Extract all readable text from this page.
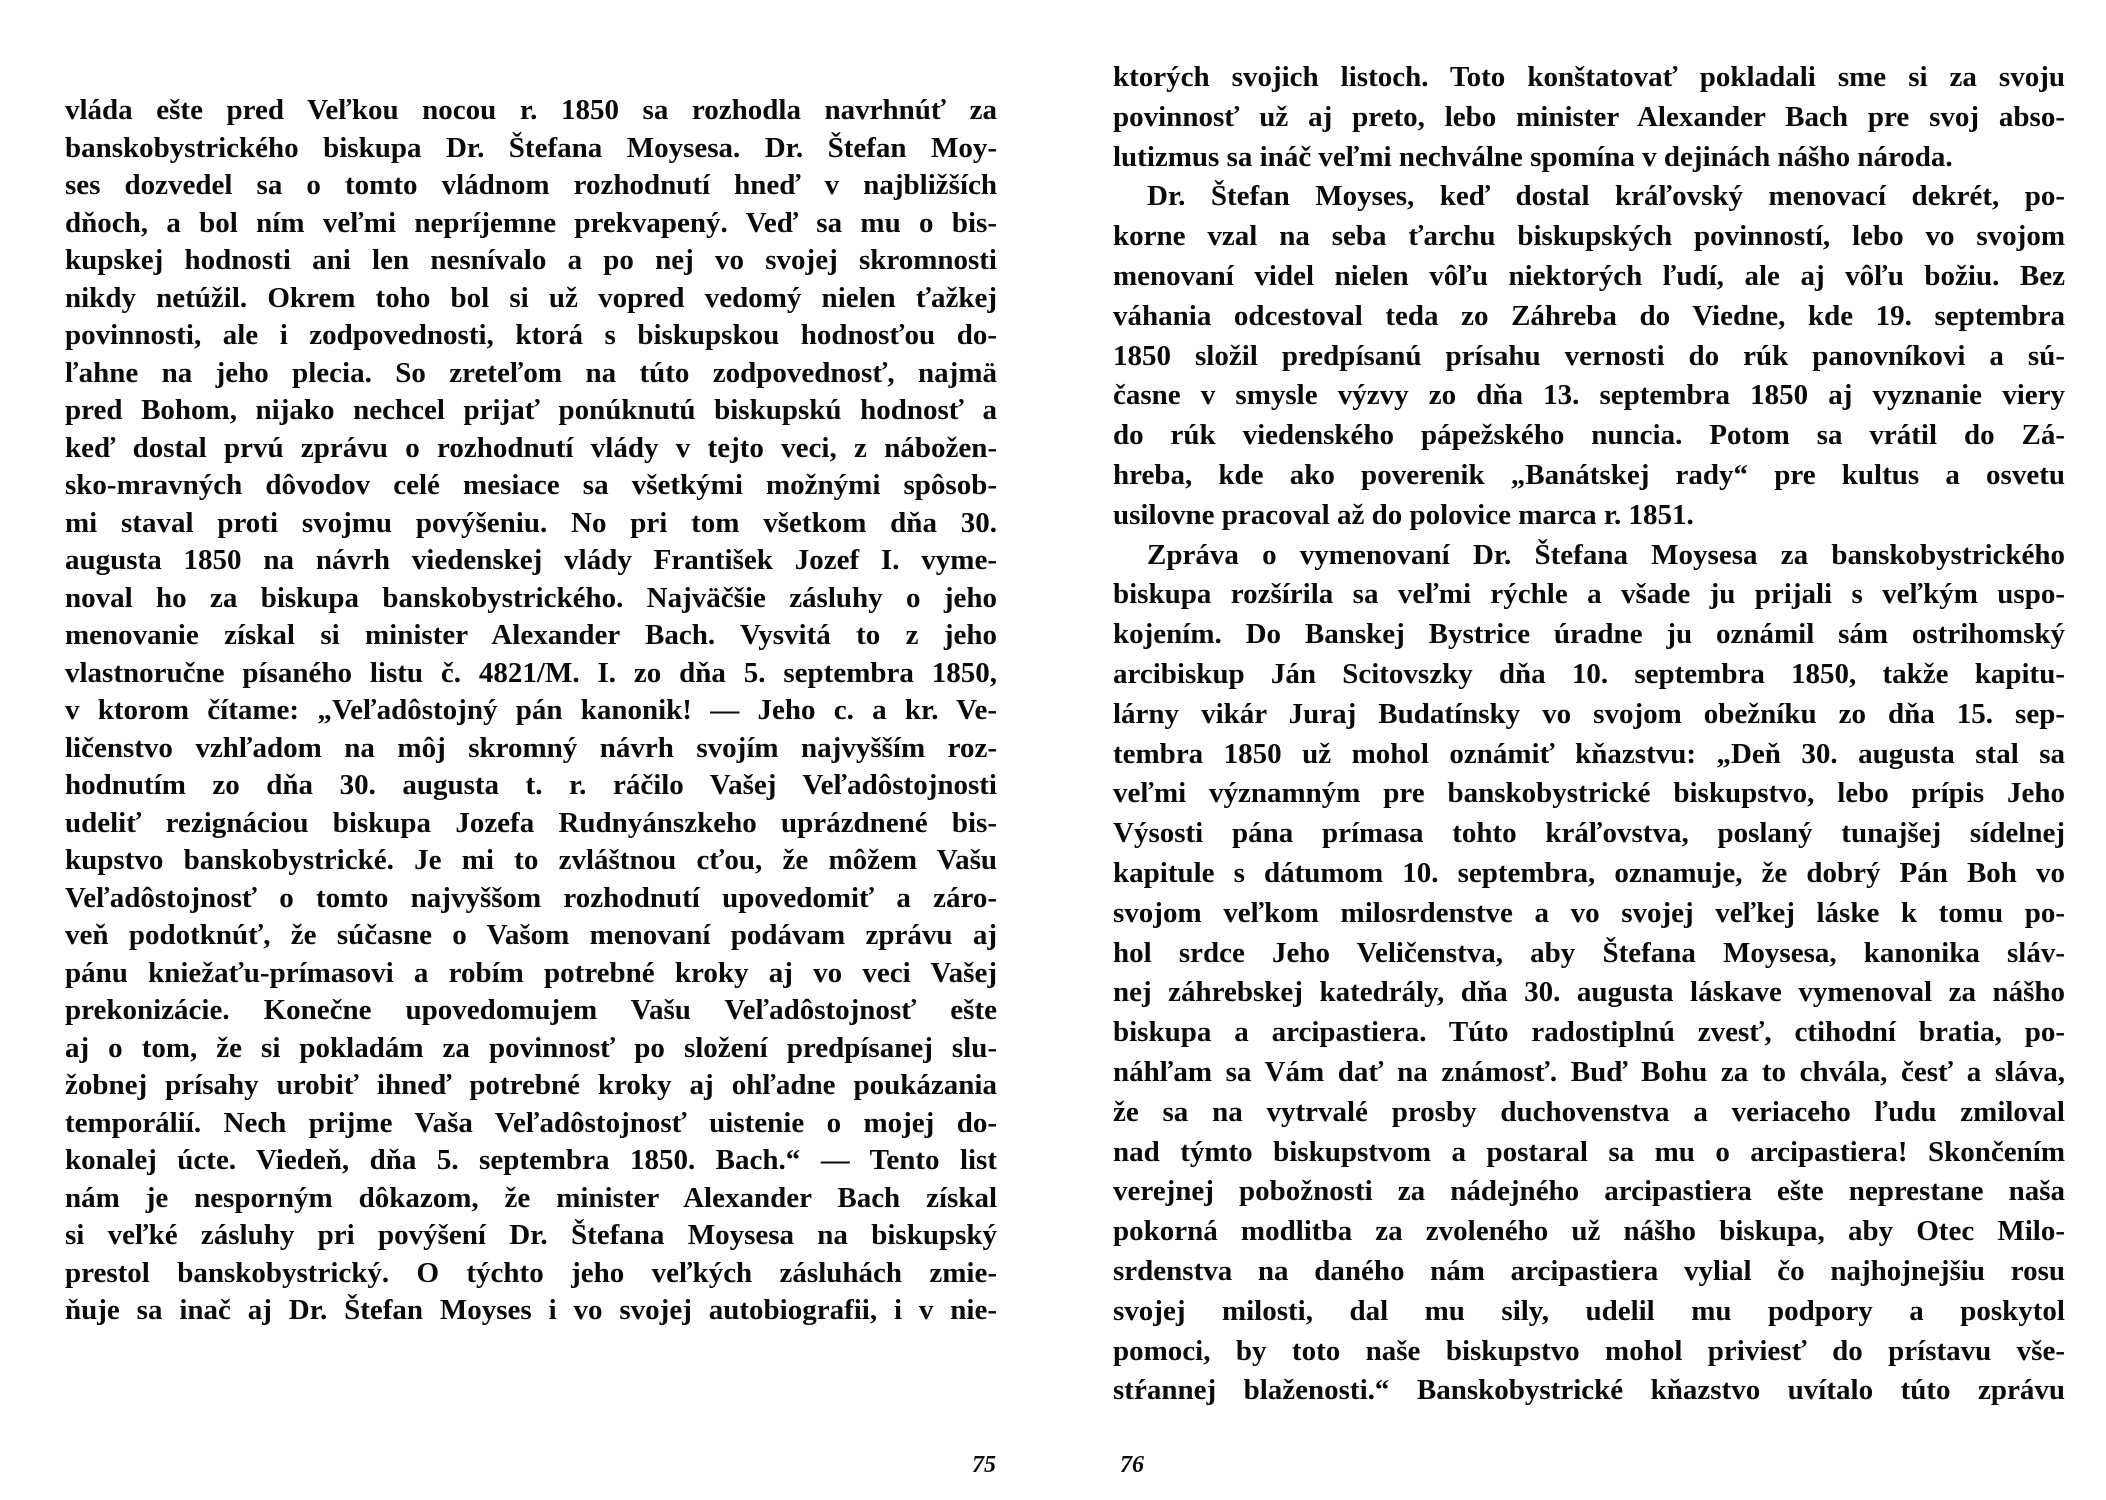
vláda ešte pred Veľkou nocou r. 1850 sa rozhodla navrhnúť za
banskobystrického biskupa Dr. Štefana Moysesa. Dr. Štefan Moy-
ses dozvedel sa o tomto vládnom rozhodnutí hneď v najbližších
dňoch, a bol ním veľmi nepríjemne prekvapený. Veď sa mu o bis-
kupskej hodnosti ani len nesnívalo a po nej vo svojej skromnosti
nikdy netúžil. Okrem toho bol si už vopred vedomý nielen ťažkej
povinnosti, ale i zodpovednosti, ktorá s biskupskou hodnosťou do-
ľahne na jeho plecia. So zreteľom na túto zodpovednosť, najmä
pred Bohom, nijako nechcel prijať ponúknutú biskupskú hodnosť a
keď dostal prvú zprávu o rozhodnutí vlády v tejto veci, z nábožen-
sko-mravných dôvodov celé mesiace sa všetkými možnými spôsob-
mi staval proti svojmu povýšeniu. No pri tom všetkom dňa 30.
augusta 1850 na návrh viedenskej vlády František Jozef I. vyme-
noval ho za biskupa banskobystrického. Najväčšie zásluhy o jeho
menovanie získal si minister Alexander Bach. Vysvitá to z jeho
vlastnoručne písaného listu č. 4821/M. I. zo dňa 5. septembra 1850,
v ktorom čítame: „Veľadôstojný pán kanonik! — Jeho c. a kr. Ve-
ličenstvo vzhľadom na môj skromný návrh svojím najvyšším roz-
hodnutím zo dňa 30. augusta t. r. ráčilo Vašej Veľadôstojnosti
udeliť rezignáciou biskupa Jozefa Rudnyánszkeho uprázdnené bis-
kupstvo banskobystrické. Je mi to zvláštnou cťou, že môžem Vašu
Veľadôstojnosť o tomto najvyššom rozhodnutí upovedomiť a záro-
veň podotknúť, že súčasne o Vašom menovaní podávam zprávu aj
pánu kniežaťu-prímasovi a robím potrebné kroky aj vo veci Vašej
prekonizácie. Konečne upovedomujem Vašu Veľadôstojnosť ešte
aj o tom, že si pokladám za povinnosť po složení predpísanej slu-
žobnej prísahy urobiť ihneď potrebné kroky aj ohľadne poukázania
temporálií. Nech prijme Vaša Veľadôstojnosť uistenie o mojej do-
konalej úcte. Viedeň, dňa 5. septembra 1850. Bach.“ — Tento list
nám je nesporným dôkazom, že minister Alexander Bach získal
si veľké zásluhy pri povýšení Dr. Štefana Moysesa na biskupský
prestol banskobystrický. O týchto jeho veľkých zásluhách zmie-
ňuje sa inač aj Dr. Štefan Moyses i vo svojej autobiografii, i v nie-
ktorých svojich listoch. Toto konštatovať pokladali sme si za svoju
povinnosť už aj preto, lebo minister Alexander Bach pre svoj abso-
lutizmus sa ináč veľmi nechválne spomína v dejinách nášho národa.
Dr. Štefan Moyses, keď dostal kráľovský menovací dekrét, po-
korne vzal na seba ťarchu biskupských povinností, lebo vo svojom
menovaní videl nielen vôľu niektorých ľudí, ale aj vôľu božiu. Bez
váhania odcestoval teda zo Záhreba do Viedne, kde 19. septembra
1850 složil predpísanú prísahu vernosti do rúk panovníkovi a sú-
časne v smysle výzvy zo dňa 13. septembra 1850 aj vyznanie viery
do rúk viedenského pápežského nuncia. Potom sa vrátil do Zá-
hreba, kde ako poverenik „Banátskej rady“ pre kultus a osvetu
usilovne pracoval až do polovice marca r. 1851.
Zpráva o vymenovaní Dr. Štefana Moysesa za banskobystrického
biskupa rozšírila sa veľmi rýchle a všade ju prijali s veľkým uspo-
kojením. Do Banskej Bystrice úradne ju oznámil sám ostrihomský
arcibiskup Ján Scitovszky dňa 10. septembra 1850, takže kapitu-
lárny vikár Juraj Budatínsky vo svojom obežníku zo dňa 15. sep-
tembra 1850 už mohol oznámiť kňazstvu: „Deň 30. augusta stal sa
veľmi významným pre banskobystrické biskupstvo, lebo prípis Jeho
Výsosti pána prímasa tohto kráľovstva, poslaný tunajšej sídelnej
kapitule s dátumom 10. septembra, oznamuje, že dobrý Pán Boh vo
svojom veľkom milosrdenstve a vo svojej veľkej láske k tomu po-
hol srdce Jeho Veličenstva, aby Štefana Moysesa, kanonika sláv-
nej záhrebskej katedrály, dňa 30. augusta láskave vymenoval za nášho
biskupa a arcipastiera. Túto radostiplnú zvesť, ctihodní bratia, po-
náhľam sa Vám dať na známosť. Buď Bohu za to chvála, česť a sláva,
že sa na vytrvalé prosby duchovenstva a veriaceho ľudu zmiloval
nad týmto biskupstvom a postaral sa mu o arcipastiera! Skončením
verejnej pobožnosti za nádejného arcipastiera ešte neprestane naša
pokorná modlitba za zvoleného už nášho biskupa, aby Otec Milo-
srdenstva na daného nám arcipastiera vylial čo najhojnejšiu rosu
svojej milosti, dal mu sily, udelil mu podpory a poskytol
pomoci, by toto naše biskupstvo mohol priviesť do prístavu vše-
stŕannej blaženosti.“ Banskobystrické kňazstvo uvítalo túto zprávu
75	76
